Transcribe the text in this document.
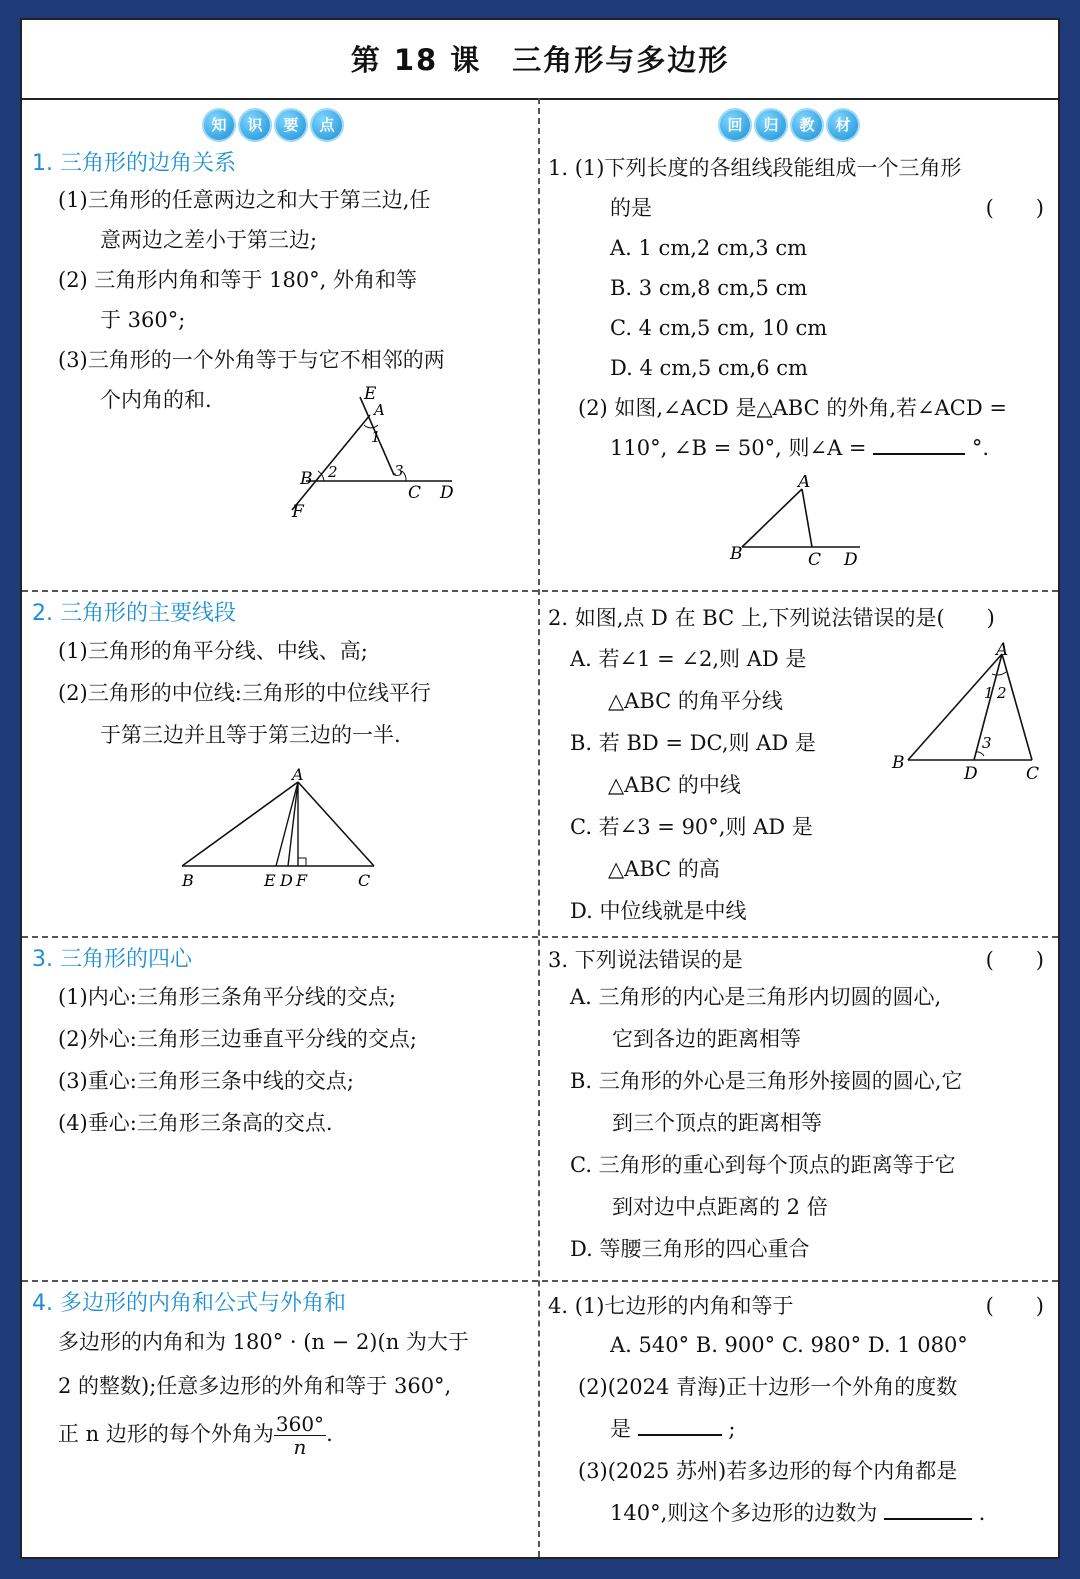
第 18 课　三角形与多边形
知	识	要	点	回	归	教	材
1. 三角形的边角关系
(1)三角形的任意两边之和大于第三边,任
意两边之差小于第三边;
(2) 三角形内角和等于 180°, 外角和等
于 360°;
(3)三角形的一个外角等于与它不相邻的两
个内角的和.	E
A
1
B 2	3
C D
F
1. (1)下列长度的各组线段能组成一个三角形
的是	(　　)
A. 1 cm,2 cm,3 cm
B. 3 cm,8 cm,5 cm
C. 4 cm,5 cm, 10 cm
D. 4 cm,5 cm,6 cm
(2) 如图,∠ACD 是△ABC 的外角,若∠ACD =
110°, ∠B = 50°, 则∠A =	°.
A
B	C D
2. 三角形的主要线段
(1)三角形的角平分线、中线、高;
(2)三角形的中位线:三角形的中位线平行
于第三边并且等于第三边的一半.
A
B	E D F	C
2. 如图,点 D 在 BC 上,下列说法错误的是(　　)
A. 若∠1 = ∠2,则 AD 是
△ABC 的角平分线
B. 若 BD = DC,则 AD 是
△ABC 的中线
C. 若∠3 = 90°,则 AD 是
△ABC 的高
D. 中位线就是中线
A
1 2
3
B
D	C
3. 三角形的四心
(1)内心:三角形三条角平分线的交点;
(2)外心:三角形三边垂直平分线的交点;
(3)重心:三角形三条中线的交点;
(4)垂心:三角形三条高的交点.
3. 下列说法错误的是	(　　)
A. 三角形的内心是三角形内切圆的圆心,
它到各边的距离相等
B. 三角形的外心是三角形外接圆的圆心,它
到三个顶点的距离相等
C. 三角形的重心到每个顶点的距离等于它
到对边中点距离的 2 倍
D. 等腰三角形的四心重合
4. 多边形的内角和公式与外角和
多边形的内角和为 180° · (n − 2)(n 为大于
2 的整数);任意多边形的外角和等于 360°,
正 n 边形的每个外角为 $\frac{360^\circ}{n}$ .
4. (1)七边形的内角和等于	(　　)
A. 540° B. 900° C. 980° D. 1 080°
(2)(2024 青海)正十边形一个外角的度数
是	;
(3)(2025 苏州)若多边形的每个内角都是
140°,则这个多边形的边数为	.
